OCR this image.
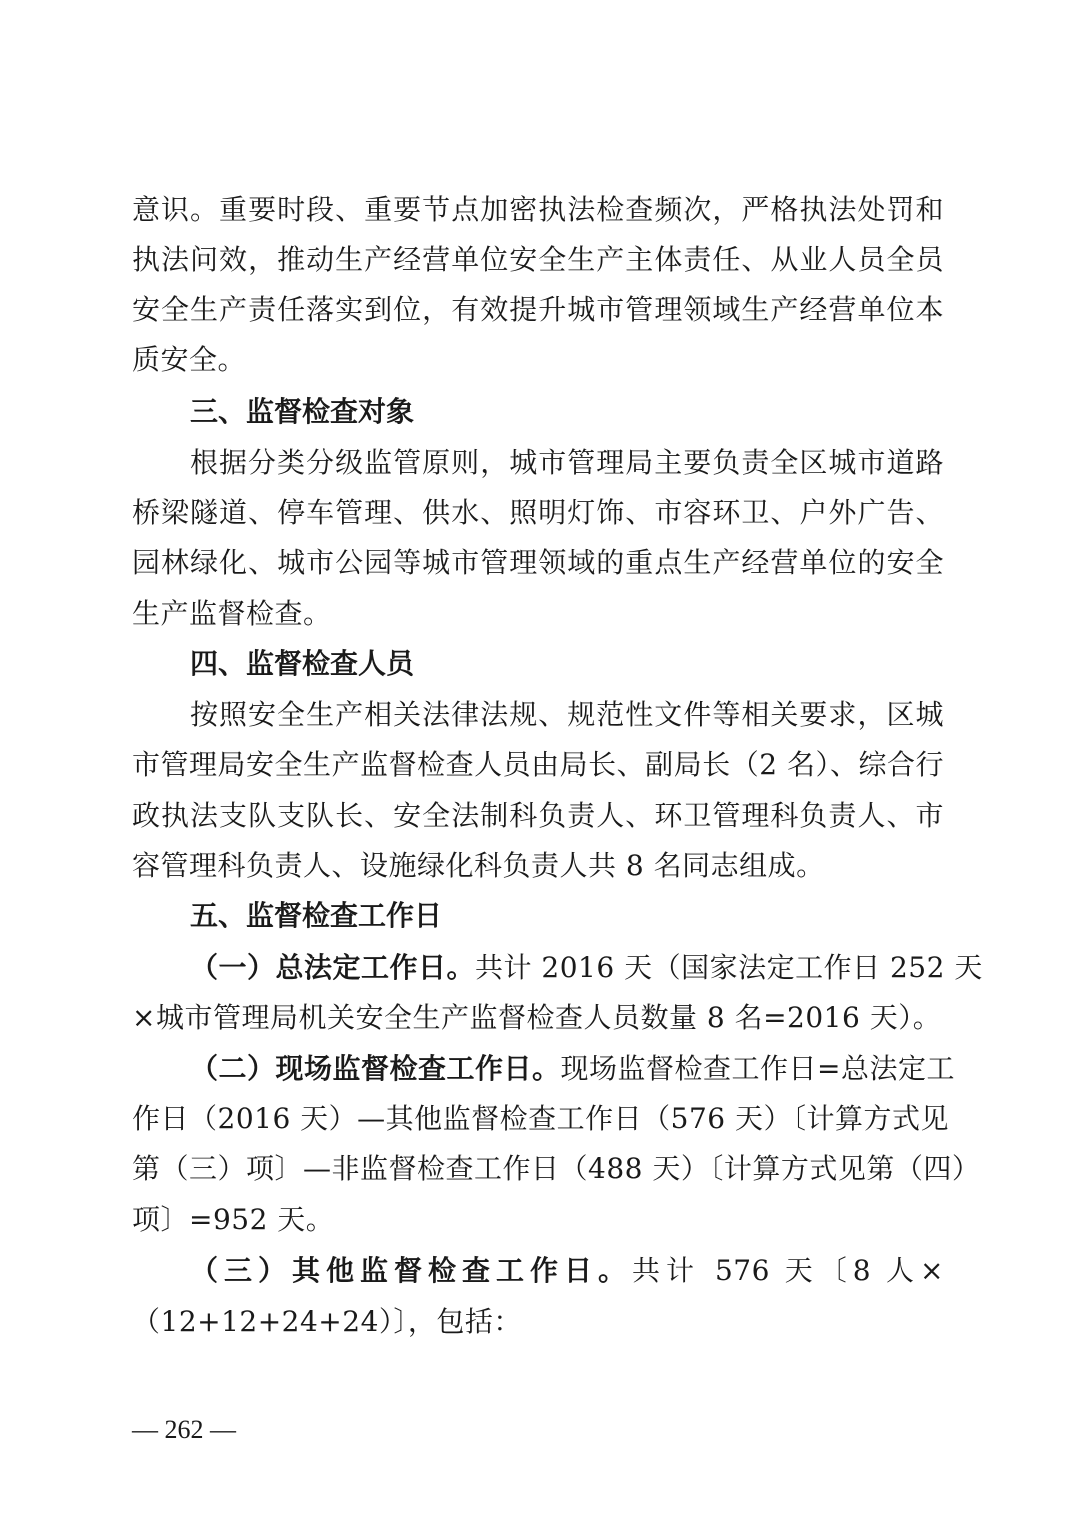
意识。重要时段、重要节点加密执法检查频次，严格执法处罚和
执法问效，推动生产经营单位安全生产主体责任、从业人员全员
安全生产责任落实到位，有效提升城市管理领域生产经营单位本
质安全。
三、监督检查对象
根据分类分级监管原则，城市管理局主要负责全区城市道路
桥梁隧道、停车管理、供水、照明灯饰、市容环卫、户外广告、
园林绿化、城市公园等城市管理领域的重点生产经营单位的安全
生产监督检查。
四、监督检查人员
按照安全生产相关法律法规、规范性文件等相关要求，区城
市管理局安全生产监督检查人员由局长、副局长（2 名）、综合行
政执法支队支队长、安全法制科负责人、环卫管理科负责人、市
容管理科负责人、设施绿化科负责人共 8 名同志组成。
五、监督检查工作日
（一）总法定工作日。共计 2016 天（国家法定工作日 252 天
×城市管理局机关安全生产监督检查人员数量 8 名=2016 天）。
（二）现场监督检查工作日。现场监督检查工作日=总法定工
作日（2016 天）—其他监督检查工作日（576 天）〔计算方式见
第（三）项〕—非监督检查工作日（488 天）〔计算方式见第（四）
项〕=952 天。
（三）其他监督检查工作日。共计 576 天〔8 人×
（12+12+24+24）〕，包括：
— 262 —
